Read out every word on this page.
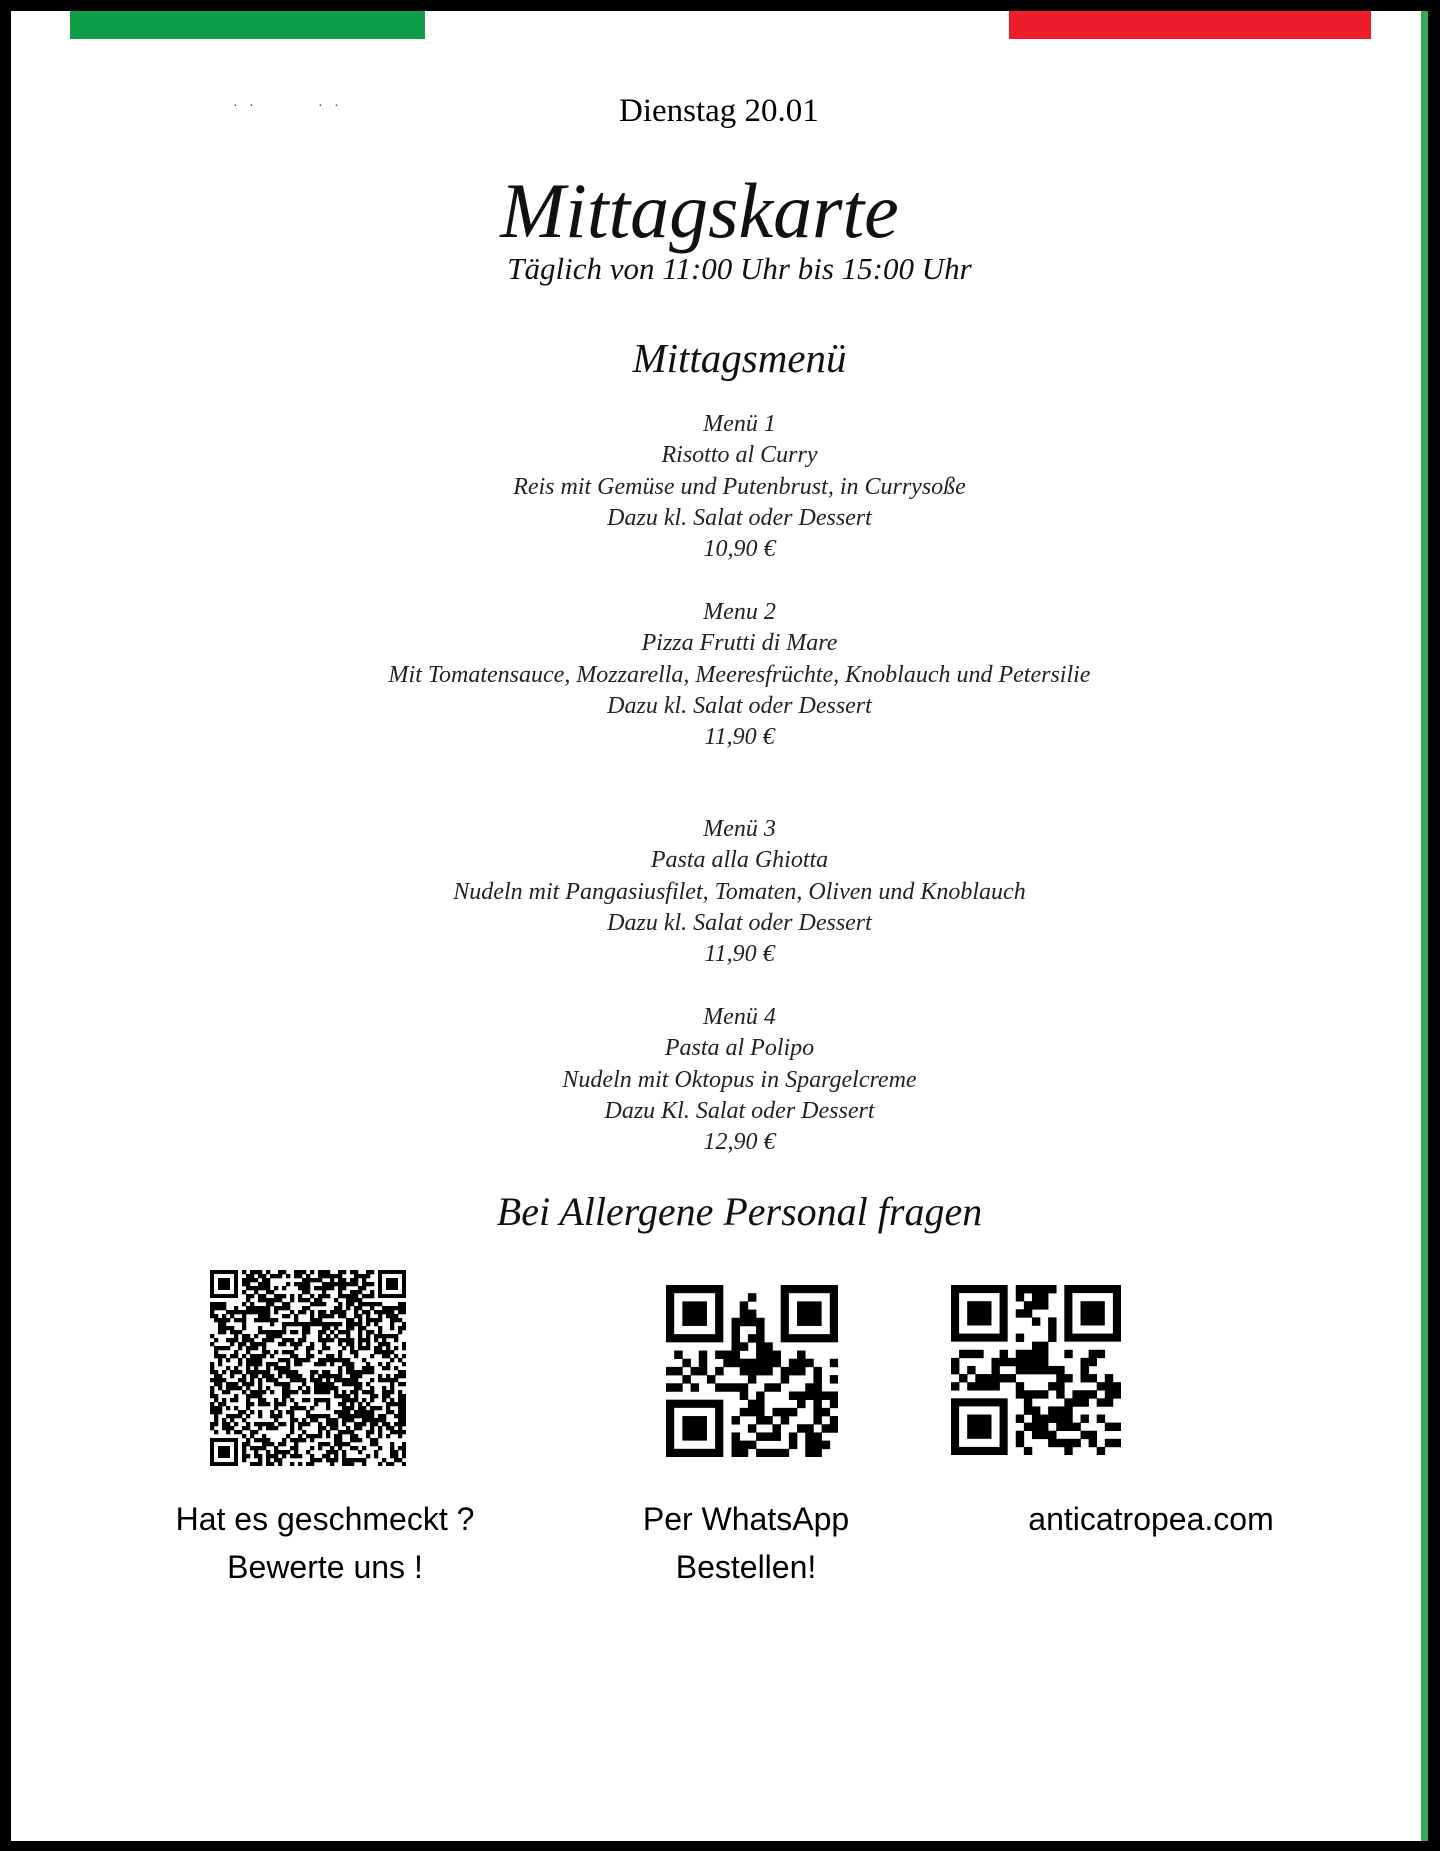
· ·	· ·	Dienstag 20.01
Mittagskarte
Täglich von 11:00 Uhr bis 15:00 Uhr
Mittagsmenü
Menü 1
Risotto al Curry
Reis mit Gemüse und Putenbrust, in Currysoße
Dazu kl. Salat oder Dessert
10,90 €
Menu 2
Pizza Frutti di Mare
Mit Tomatensauce, Mozzarella, Meeresfrüchte, Knoblauch und Petersilie
Dazu kl. Salat oder Dessert
11,90 €
Menü 3
Pasta alla Ghiotta
Nudeln mit Pangasiusfilet, Tomaten, Oliven und Knoblauch
Dazu kl. Salat oder Dessert
11,90 €
Menü 4
Pasta al Polipo
Nudeln mit Oktopus in Spargelcreme
Dazu Kl. Salat oder Dessert
12,90 €
Bei Allergene Personal fragen
Hat es geschmeckt ?
Bewerte uns !
Per WhatsApp
Bestellen!
anticatropea.com
